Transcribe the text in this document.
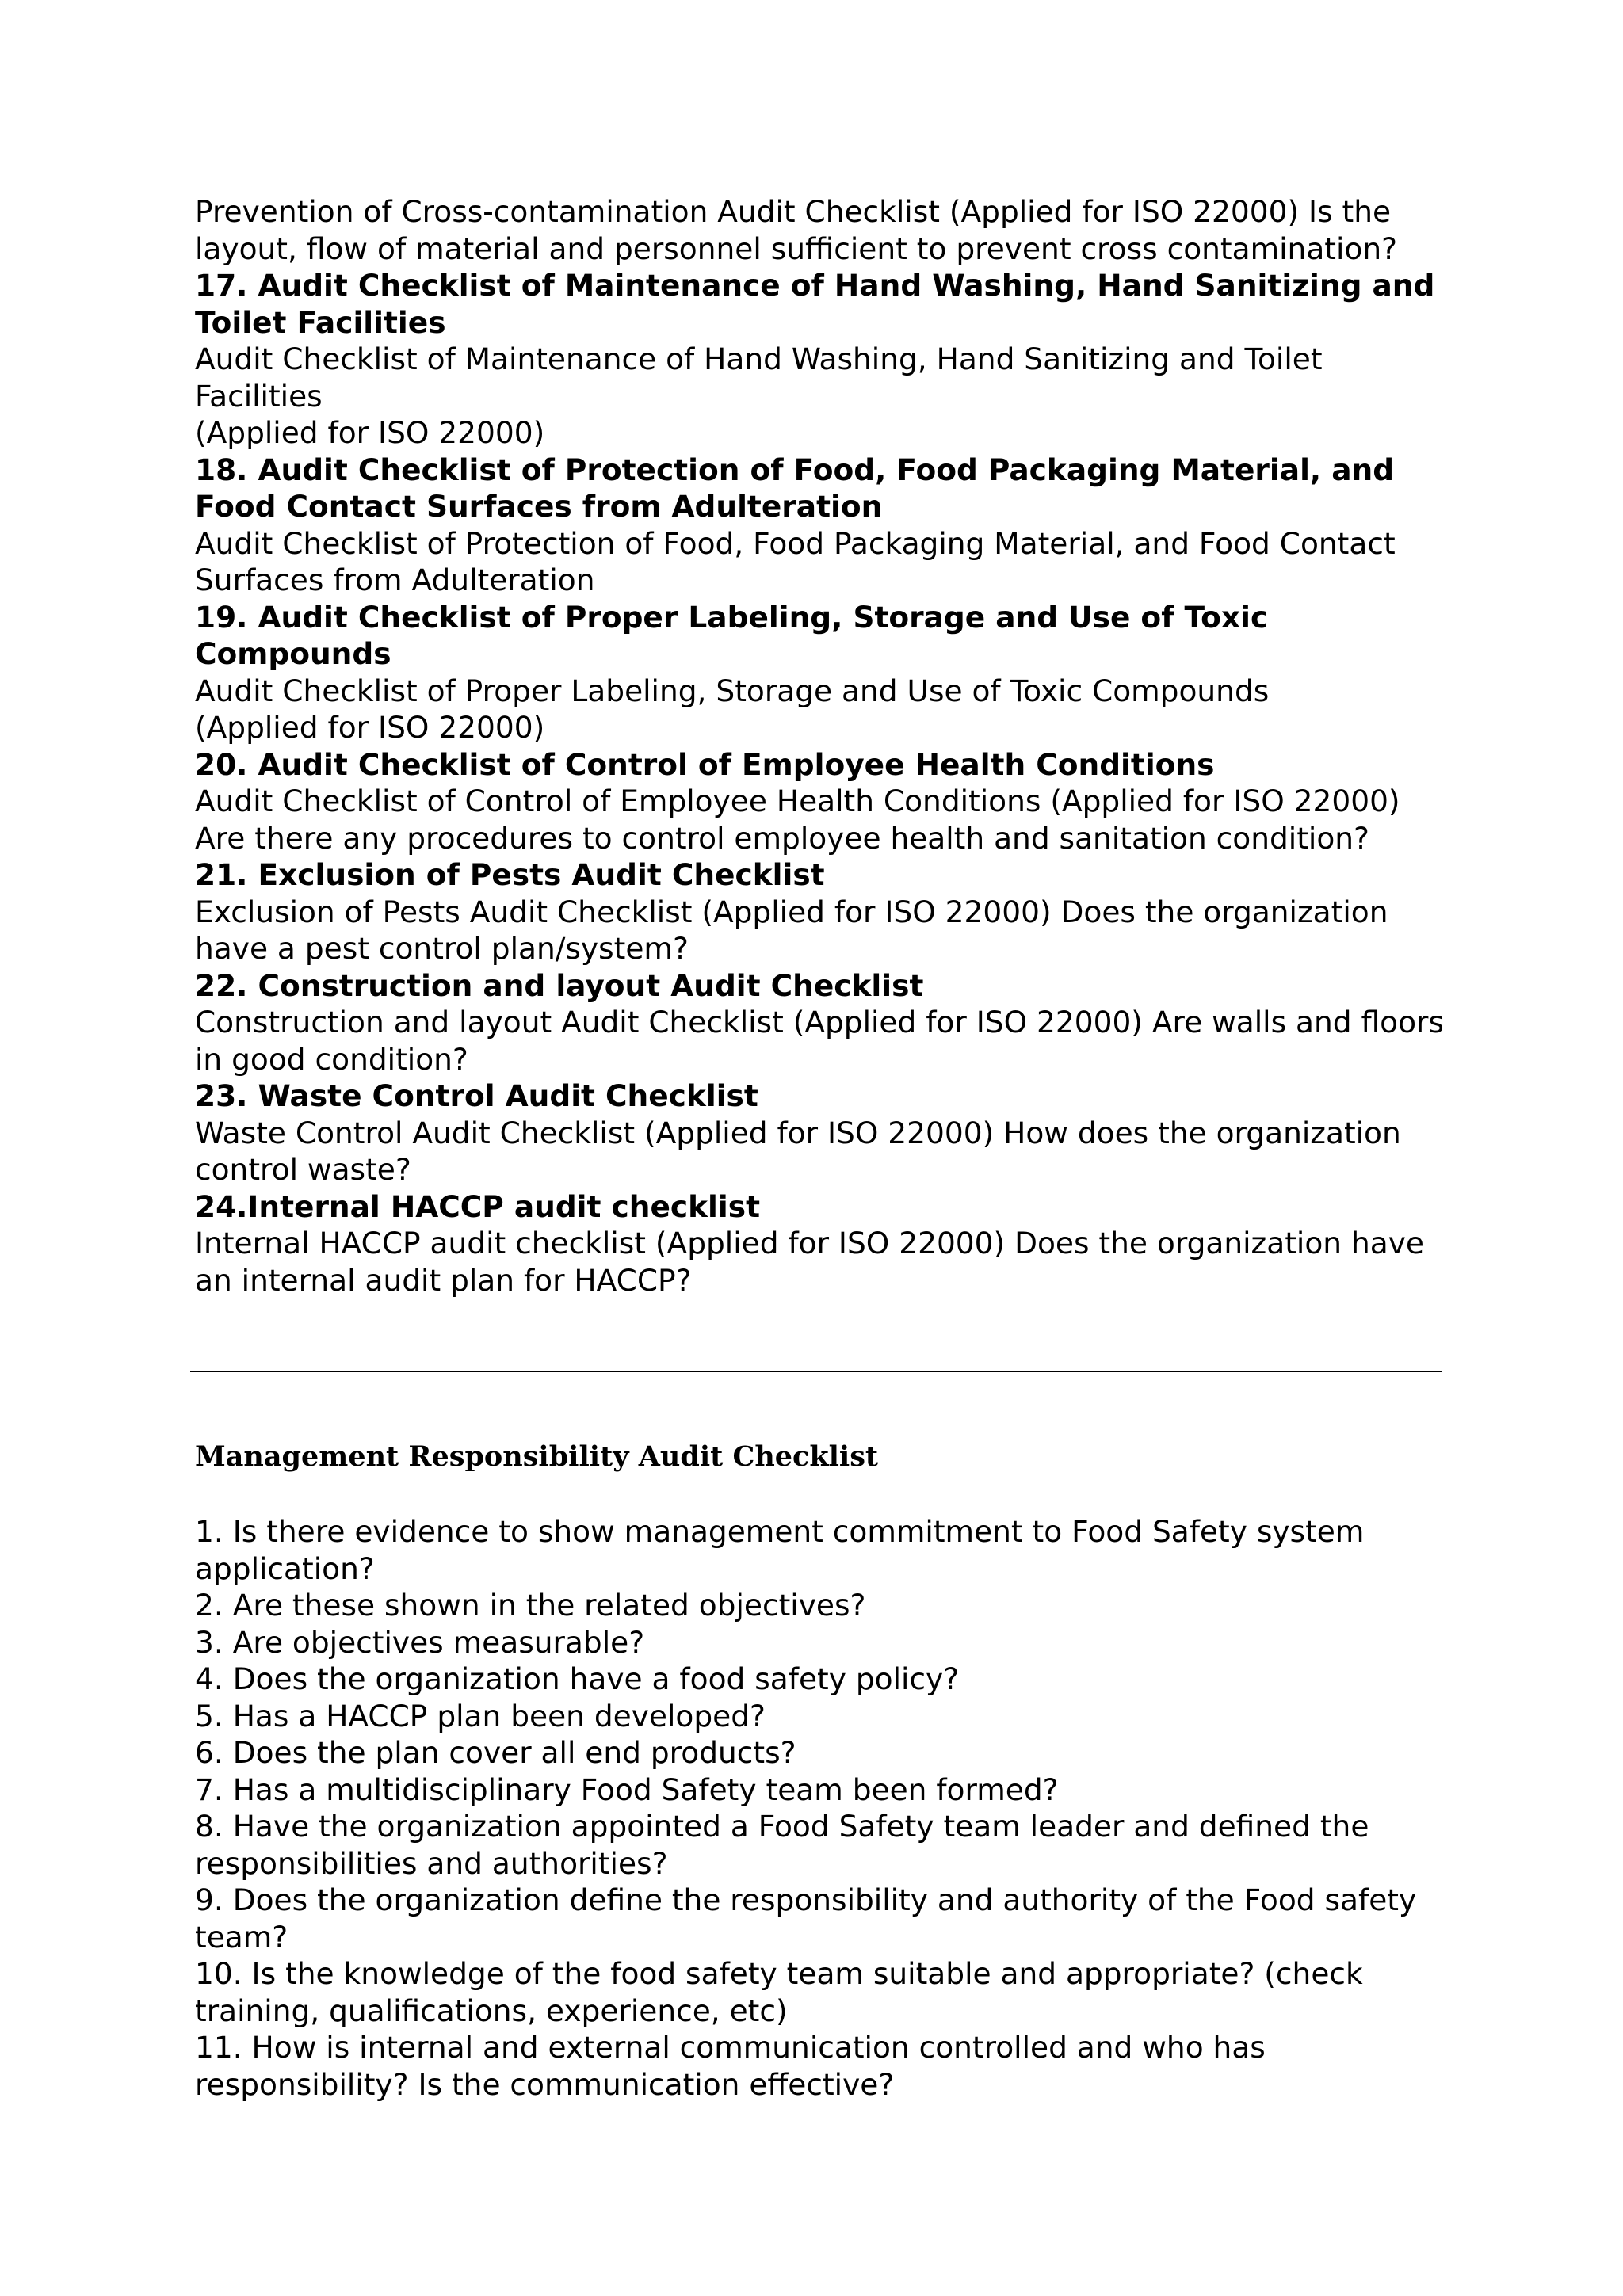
Prevention of Cross-contamination Audit Checklist (Applied for ISO 22000) Is the layout, flow of material and personnel sufficient to prevent cross contamination?

17. Audit Checklist of Maintenance of Hand Washing, Hand Sanitizing and Toilet Facilities

Audit Checklist of Maintenance of Hand Washing, Hand Sanitizing and Toilet Facilities

(Applied for ISO 22000)

18. Audit Checklist of Protection of Food, Food Packaging Material, and Food Contact Surfaces from Adulteration

Audit Checklist of Protection of Food, Food Packaging Material, and Food Contact Surfaces from Adulteration

19. Audit Checklist of Proper Labeling, Storage and Use of Toxic Compounds

Audit Checklist of Proper Labeling, Storage and Use of Toxic Compounds

(Applied for ISO 22000)

20. Audit Checklist of Control of Employee Health Conditions

Audit Checklist of Control of Employee Health Conditions (Applied for ISO 22000) Are there any procedures to control employee health and sanitation condition?

21. Exclusion of Pests Audit Checklist

Exclusion of Pests Audit Checklist (Applied for ISO 22000) Does the organization have a pest control plan/system?

22. Construction and layout Audit Checklist

Construction and layout Audit Checklist (Applied for ISO 22000) Are walls and floors in good condition?

23. Waste Control Audit Checklist

Waste Control Audit Checklist (Applied for ISO 22000) How does the organization control waste?

24.Internal HACCP audit checklist

Internal HACCP audit checklist (Applied for ISO 22000) Does the organization have an internal audit plan for HACCP?

Management Responsibility Audit Checklist

1. Is there evidence to show management commitment to Food Safety system application?

2. Are these shown in the related objectives?

3. Are objectives measurable?

4. Does the organization have a food safety policy?

5. Has a HACCP plan been developed?

6. Does the plan cover all end products?

7. Has a multidisciplinary Food Safety team been formed?

8. Have the organization appointed a Food Safety team leader and defined the responsibilities and authorities?

9. Does the organization define the responsibility and authority of the Food safety team?

10. Is the knowledge of the food safety team suitable and appropriate? (check training, qualifications, experience, etc)

11. How is internal and external communication controlled and who has responsibility? Is the communication effective?
